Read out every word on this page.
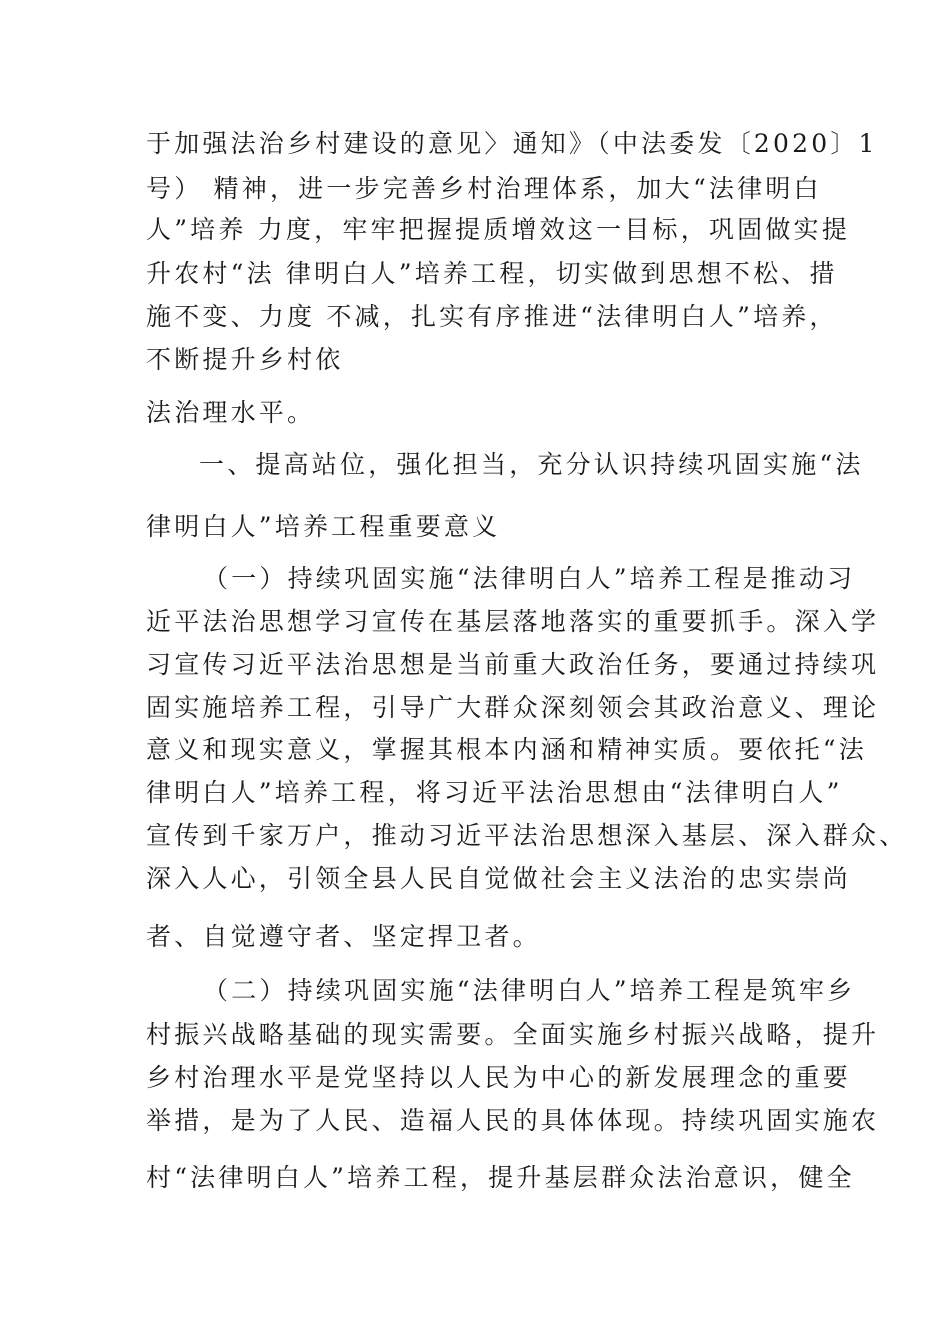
于加强法治乡村建设的意见〉通知》（中法委发〔2020〕1
号） 精神，进一步完善乡村治理体系，加大“法律明白
人”培养 力度，牢牢把握提质增效这一目标，巩固做实提
升农村“法 律明白人”培养工程，切实做到思想不松、措
施不变、力度 不减，扎实有序推进“法律明白人”培养，
不断提升乡村依
法治理水平。
一、提高站位，强化担当，充分认识持续巩固实施“法
律明白人”培养工程重要意义
（一）持续巩固实施“法律明白人”培养工程是推动习
近平法治思想学习宣传在基层落地落实的重要抓手。深入学
习宣传习近平法治思想是当前重大政治任务，要通过持续巩
固实施培养工程，引导广大群众深刻领会其政治意义、理论
意义和现实意义，掌握其根本内涵和精神实质。要依托“法
律明白人”培养工程，将习近平法治思想由“法律明白人”
宣传到千家万户，推动习近平法治思想深入基层、深入群众、
深入人心，引领全县人民自觉做社会主义法治的忠实崇尚
者、自觉遵守者、坚定捍卫者。
（二）持续巩固实施“法律明白人”培养工程是筑牢乡
村振兴战略基础的现实需要。全面实施乡村振兴战略，提升
乡村治理水平是党坚持以人民为中心的新发展理念的重要
举措，是为了人民、造福人民的具体体现。持续巩固实施农
村“法律明白人”培养工程，提升基层群众法治意识，健全
